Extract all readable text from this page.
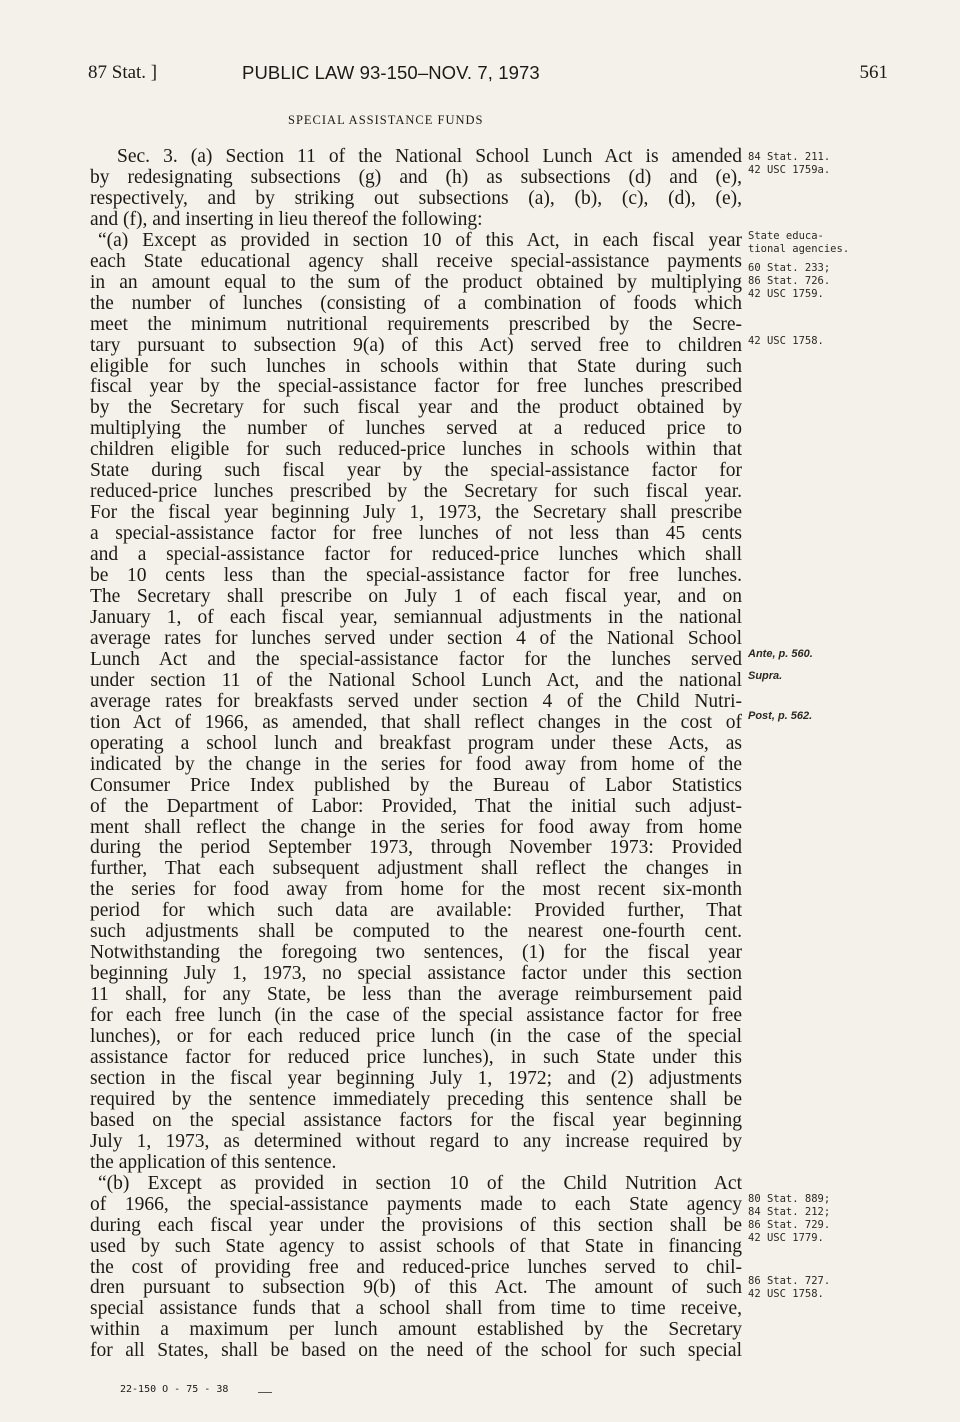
87 Stat. ]	PUBLIC LAW 93-150–NOV. 7, 1973	561
SPECIAL ASSISTANCE FUNDS

Sec. 3. (a) Section 11 of the National School Lunch Act is amended

by redesignating subsections (g) and (h) as subsections (d) and (e),

respectively, and by striking out subsections (a), (b), (c), (d), (e),

and (f), and inserting in lieu thereof the following:

“(a) Except as provided in section 10 of this Act, in each fiscal year

each State educational agency shall receive special-assistance payments

in an amount equal to the sum of the product obtained by multiplying

the number of lunches (consisting of a combination of foods which

meet the minimum nutritional requirements prescribed by the Secre-

tary pursuant to subsection 9(a) of this Act) served free to children

eligible for such lunches in schools within that State during such

fiscal year by the special-assistance factor for free lunches prescribed

by the Secretary for such fiscal year and the product obtained by

multiplying the number of lunches served at a reduced price to

children eligible for such reduced-price lunches in schools within that

State during such fiscal year by the special-assistance factor for

reduced-price lunches prescribed by the Secretary for such fiscal year.

For the fiscal year beginning July 1, 1973, the Secretary shall prescribe

a special-assistance factor for free lunches of not less than 45 cents

and a special-assistance factor for reduced-price lunches which shall

be 10 cents less than the special-assistance factor for free lunches.

The Secretary shall prescribe on July 1 of each fiscal year, and on

January 1, of each fiscal year, semiannual adjustments in the national

average rates for lunches served under section 4 of the National School

Lunch Act and the special-assistance factor for the lunches served

under section 11 of the National School Lunch Act, and the national

average rates for breakfasts served under section 4 of the Child Nutri-

tion Act of 1966, as amended, that shall reflect changes in the cost of

operating a school lunch and breakfast program under these Acts, as

indicated by the change in the series for food away from home of the

Consumer Price Index published by the Bureau of Labor Statistics

of the Department of Labor: Provided, That the initial such adjust-

ment shall reflect the change in the series for food away from home

during the period September 1973, through November 1973: Provided

further, That each subsequent adjustment shall reflect the changes in

the series for food away from home for the most recent six-month

period for which such data are available: Provided further, That

such adjustments shall be computed to the nearest one-fourth cent.

Notwithstanding the foregoing two sentences, (1) for the fiscal year

beginning July 1, 1973, no special assistance factor under this section

11 shall, for any State, be less than the average reimbursement paid

for each free lunch (in the case of the special assistance factor for free

lunches), or for each reduced price lunch (in the case of the special

assistance factor for reduced price lunches), in such State under this

section in the fiscal year beginning July 1, 1972; and (2) adjustments

required by the sentence immediately preceding this sentence shall be

based on the special assistance factors for the fiscal year beginning

July 1, 1973, as determined without regard to any increase required by

the application of this sentence.

“(b) Except as provided in section 10 of the Child Nutrition Act

of 1966, the special-assistance payments made to each State agency

during each fiscal year under the provisions of this section shall be

used by such State agency to assist schools of that State in financing

the cost of providing free and reduced-price lunches served to chil-

dren pursuant to subsection 9(b) of this Act. The amount of such

special assistance funds that a school shall from time to time receive,

within a maximum per lunch amount established by the Secretary

for all States, shall be based on the need of the school for such special

84 Stat. 211.
42 USC 1759a.
State educa-
tional agencies.
60 Stat. 233;
86 Stat. 726.
42 USC 1759.
42 USC 1758.
Ante, p. 560.
Supra.
Post, p. 562.
80 Stat. 889;
84 Stat. 212;
86 Stat. 729.
42 USC 1779.
86 Stat. 727.
42 USC 1758.
22-150 O - 75 - 38
